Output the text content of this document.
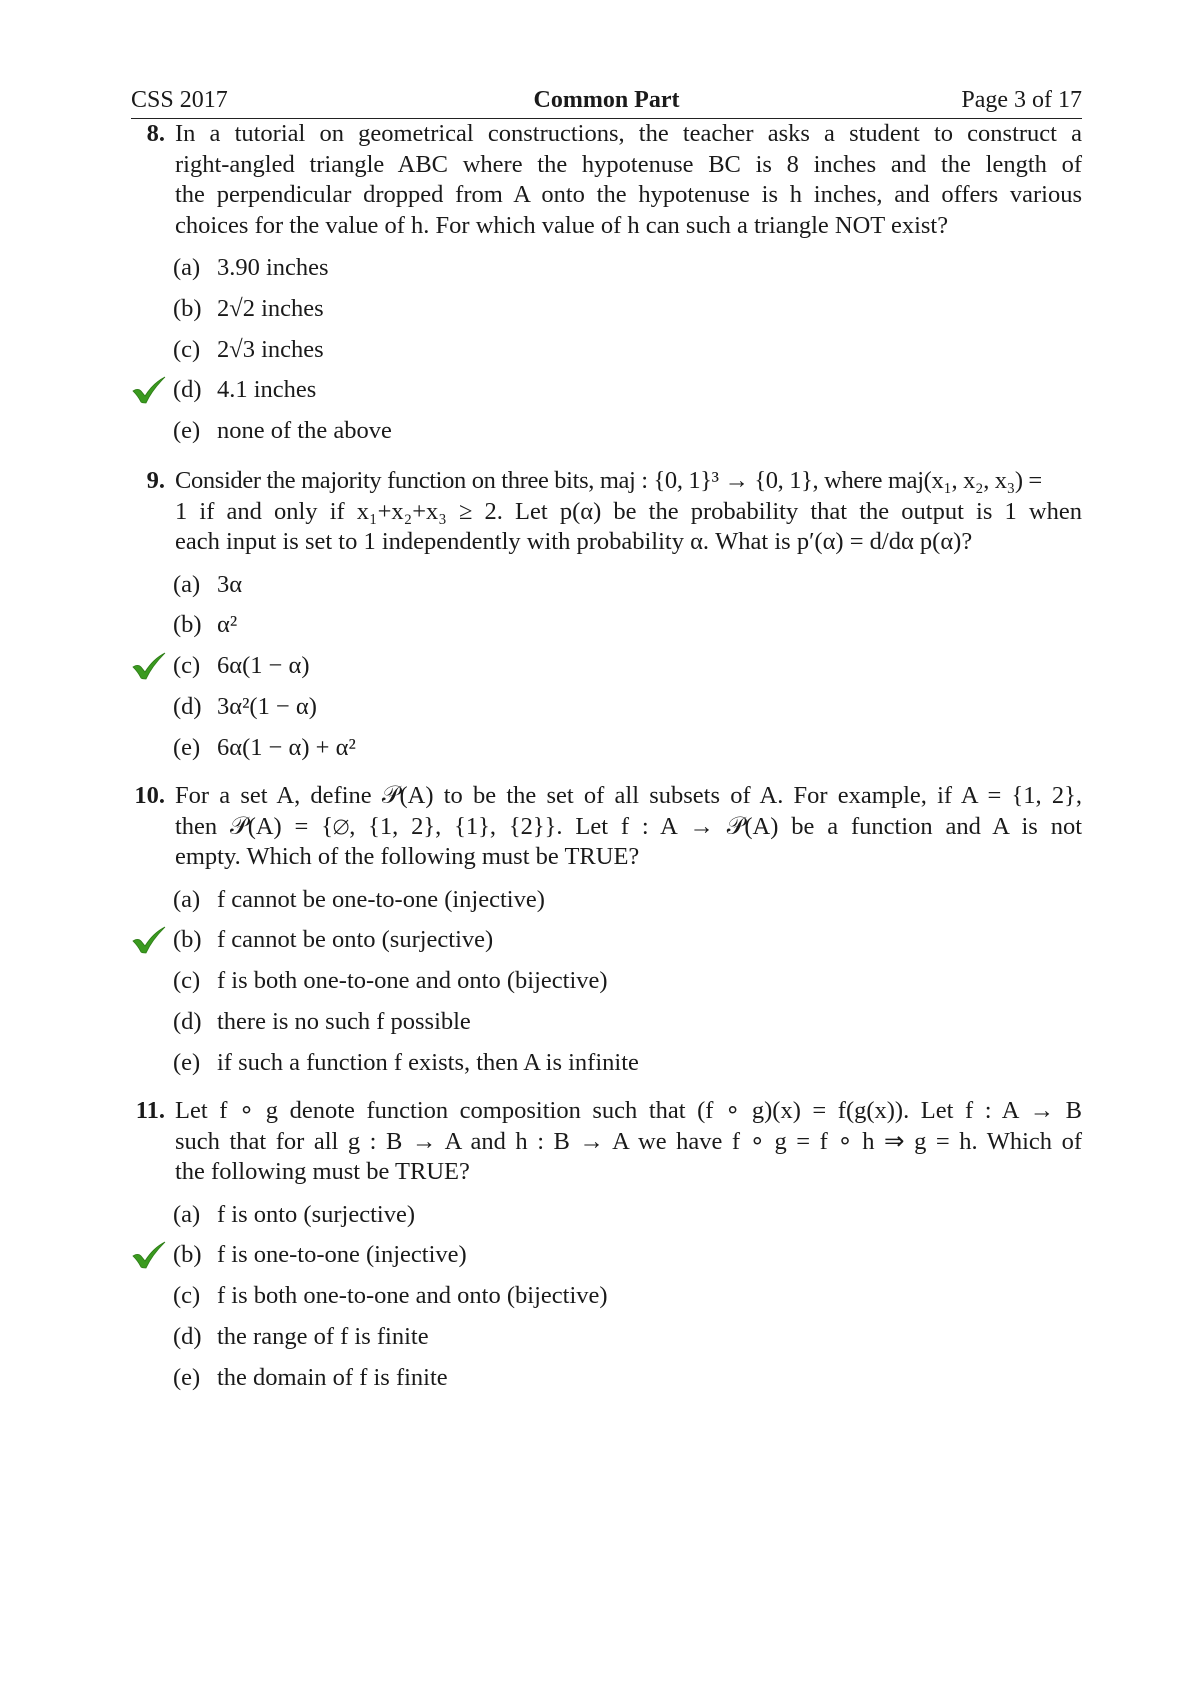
CSS 2017	Common Part	Page 3 of 17
8. In a tutorial on geometrical constructions, the teacher asks a student to construct a
right-angled triangle ABC where the hypotenuse BC is 8 inches and the length of
the perpendicular dropped from A onto the hypotenuse is h inches, and offers various
choices for the value of h. For which value of h can such a triangle NOT exist?
(a) 3.90 inches
(b) 2√2 inches
(c) 2√3 inches
(d) 4.1 inches
(e) none of the above
9. Consider the majority function on three bits, maj : {0, 1}³ → {0, 1}, where maj(x₁, x₂, x₃) =
1 if and only if x₁+x₂+x₃ ≥ 2. Let p(α) be the probability that the output is 1 when
each input is set to 1 independently with probability α. What is p′(α) = d/dα p(α)?
(a) 3α
(b) α²
(c) 6α(1 − α)
(d) 3α²(1 − α)
(e) 6α(1 − α) + α²
10. For a set A, define 𝒫(A) to be the set of all subsets of A. For example, if A = {1, 2},
then 𝒫(A) = {∅, {1, 2}, {1}, {2}}. Let f : A → 𝒫(A) be a function and A is not
empty. Which of the following must be TRUE?
(a) f cannot be one-to-one (injective)
(b) f cannot be onto (surjective)
(c) f is both one-to-one and onto (bijective)
(d) there is no such f possible
(e) if such a function f exists, then A is infinite
11. Let f ∘ g denote function composition such that (f ∘ g)(x) = f(g(x)). Let f : A → B
such that for all g : B → A and h : B → A we have f ∘ g = f ∘ h ⇒ g = h. Which of
the following must be TRUE?
(a) f is onto (surjective)
(b) f is one-to-one (injective)
(c) f is both one-to-one and onto (bijective)
(d) the range of f is finite
(e) the domain of f is finite
